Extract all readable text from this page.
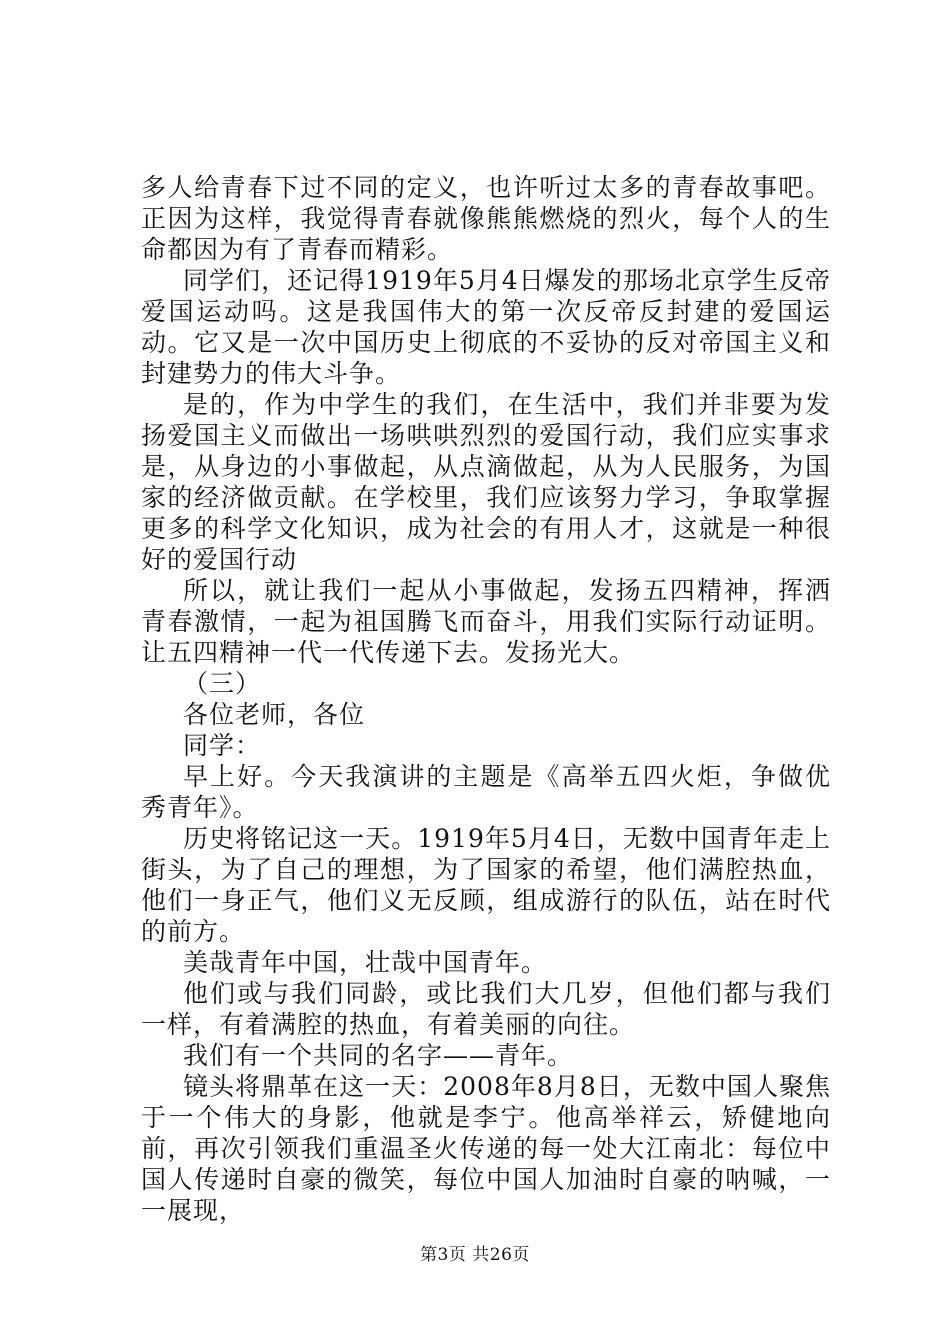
多人给青春下过不同的定义，也许听过太多的青春故事吧。正因为这样，我觉得青春就像熊熊燃烧的烈火，每个人的生命都因为有了青春而精彩。

同学们，还记得1919年5月4日爆发的那场北京学生反帝爱国运动吗。这是我国伟大的第一次反帝反封建的爱国运动。它又是一次中国历史上彻底的不妥协的反对帝国主义和封建势力的伟大斗争。

是的，作为中学生的我们，在生活中，我们并非要为发扬爱国主义而做出一场哄哄烈烈的爱国行动，我们应实事求是，从身边的小事做起，从点滴做起，从为人民服务，为国家的经济做贡献。在学校里，我们应该努力学习，争取掌握更多的科学文化知识，成为社会的有用人才，这就是一种很好的爱国行动

所以，就让我们一起从小事做起，发扬五四精神，挥洒青春激情，一起为祖国腾飞而奋斗，用我们实际行动证明。让五四精神一代一代传递下去。发扬光大。

（三）

各位老师，各位

同学：

早上好。今天我演讲的主题是《高举五四火炬，争做优秀青年》。

历史将铭记这一天。1919年5月4日，无数中国青年走上街头，为了自己的理想，为了国家的希望，他们满腔热血，他们一身正气，他们义无反顾，组成游行的队伍，站在时代的前方。

美哉青年中国，壮哉中国青年。

他们或与我们同龄，或比我们大几岁，但他们都与我们一样，有着满腔的热血，有着美丽的向往。

我们有一个共同的名字——青年。

镜头将鼎革在这一天：2008年8月8日，无数中国人聚焦于一个伟大的身影，他就是李宁。他高举祥云，矫健地向前，再次引领我们重温圣火传递的每一处大江南北：每位中国人传递时自豪的微笑，每位中国人加油时自豪的呐喊，一一展现，

第3页 共26页
